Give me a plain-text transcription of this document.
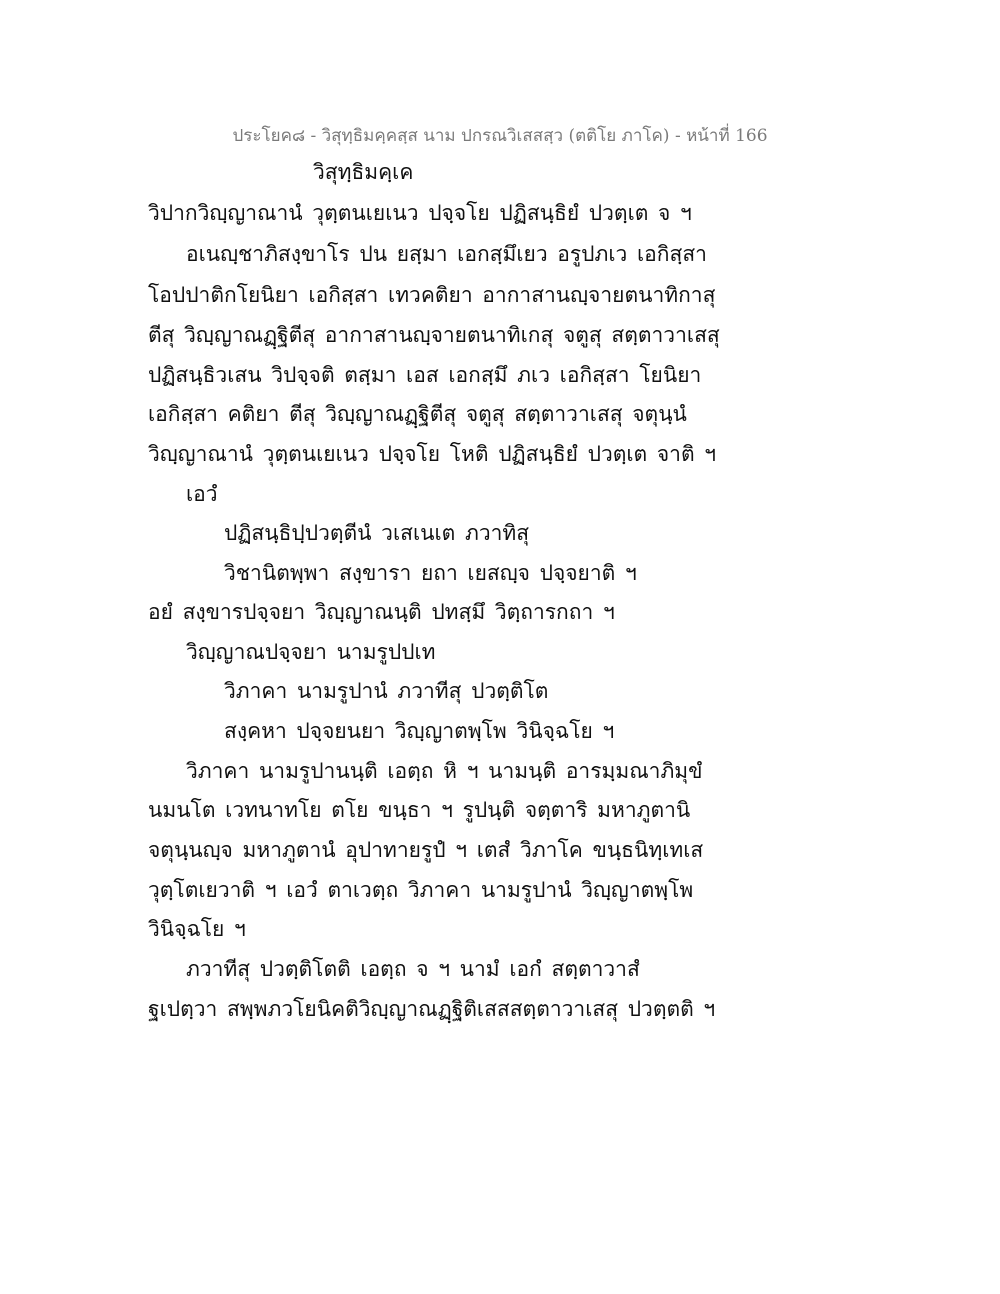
ประโยค๘ - วิสุทฺธิมคฺคสฺส นาม ปกรณวิเสสสฺว (ตติโย ภาโค) - หน้าที่ 166
วิสุทฺธิมคฺเค
วิปากวิญฺญาณานํ วุตฺตนเยเนว ปจฺจโย ปฏิสนฺธิยํ ปวตฺเต จ ฯ
อเนญฺชาภิสงฺขาโร ปน ยสฺมา เอกสฺมึเยว อรูปภเว เอกิสฺสา
โอปปาติกโยนิยา เอกิสฺสา เทวคติยา อากาสานญฺจายตนาทิกาสุ
ตีสุ วิญฺญาณฏฺฐิตีสุ อากาสานญฺจายตนาทิเกสุ จตูสุ สตฺตาวาเสสุ
ปฏิสนฺธิวเสน วิปจฺจติ ตสฺมา เอส เอกสฺมึ ภเว เอกิสฺสา โยนิยา
เอกิสฺสา คติยา ตีสุ วิญฺญาณฏฺฐิตีสุ จตูสุ สตฺตาวาเสสุ จตุนฺนํ
วิญฺญาณานํ วุตฺตนเยเนว ปจฺจโย โหติ ปฏิสนฺธิยํ ปวตฺเต จาติ ฯ
เอวํ
ปฏิสนฺธิปฺปวตฺตีนํ วเสเนเต ภวาทิสุ
วิชานิตพฺพา สงฺขารา ยถา เยสญฺจ ปจฺจยาติ ฯ
อยํ สงฺขารปจฺจยา วิญฺญาณนฺติ ปทสฺมึ วิตฺถารกถา ฯ
วิญฺญาณปจฺจยา นามรูปปเท
วิภาคา นามรูปานํ ภวาทีสุ ปวตฺติโต
สงฺคหา ปจฺจยนยา วิญฺญาตพฺโพ วินิจฺฉโย ฯ
วิภาคา นามรูปานนฺติ เอตฺถ หิ ฯ นามนฺติ อารมฺมณาภิมุขํ
นมนโต เวทนาทโย ตโย ขนฺธา ฯ รูปนฺติ จตฺตาริ มหาภูตานิ
จตุนฺนญฺจ มหาภูตานํ อุปาทายรูปํ ฯ เตสํ วิภาโค ขนฺธนิทฺเทเส
วุตฺโตเยวาติ ฯ เอวํ ตาเวตฺถ วิภาคา นามรูปานํ วิญฺญาตพฺโพ
วินิจฺฉโย ฯ
ภวาทีสุ ปวตฺติโตติ เอตฺถ จ ฯ นามํ เอกํ สตฺตาวาสํ
ฐเปตฺวา สพฺพภวโยนิคติวิญฺญาณฏฺฐิติเสสสตฺตาวาเสสุ ปวตฺตติ ฯ
